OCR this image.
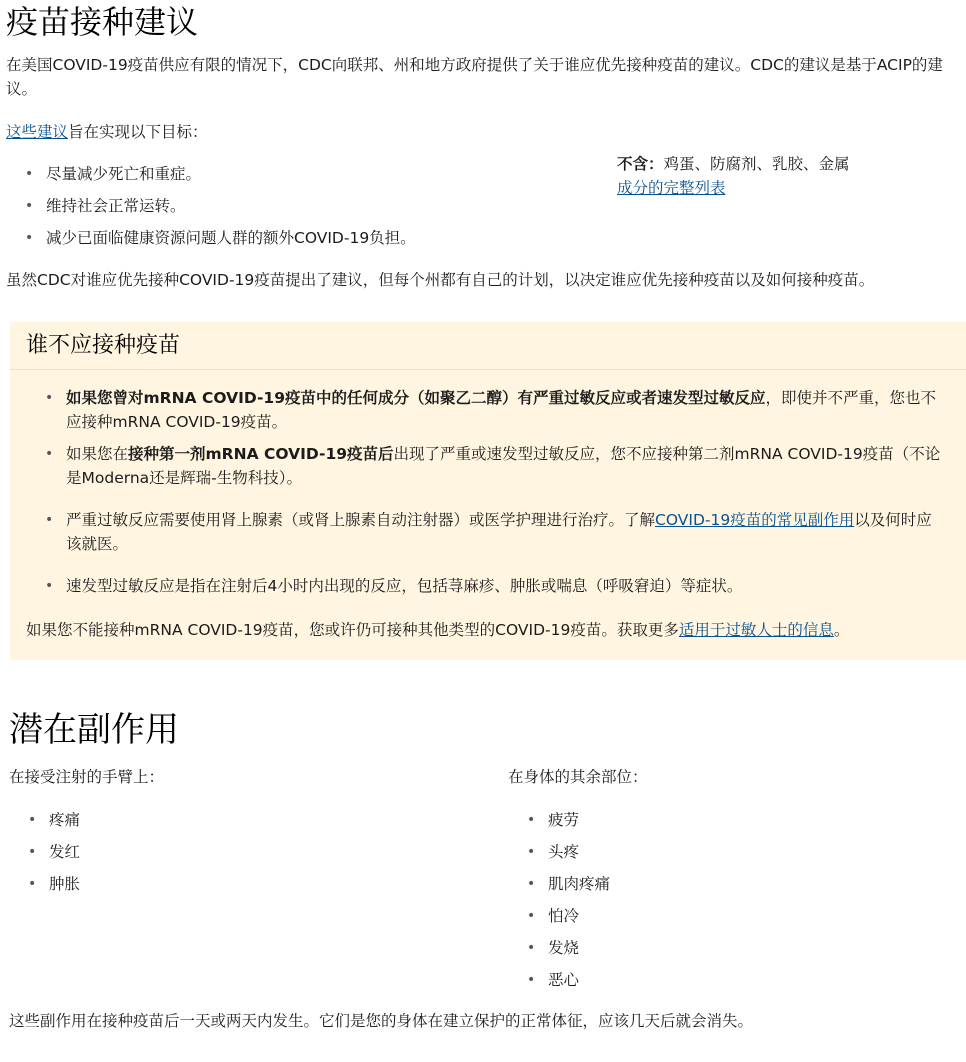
疫苗接种建议

在美国COVID-19疫苗供应有限的情况下，CDC向联邦、州和地方政府提供了关于谁应优先接种疫苗的建议。CDC的建议是基于ACIP的建议。

这些建议旨在实现以下目标：

• 尽量减少死亡和重症。
• 维持社会正常运转。
• 减少已面临健康资源问题人群的额外COVID-19负担。
不含：鸡蛋、防腐剂、乳胶、金属
成分的完整列表

虽然CDC对谁应优先接种COVID-19疫苗提出了建议，但每个州都有自己的计划，以决定谁应优先接种疫苗以及如何接种疫苗。

谁不应接种疫苗
• 如果您曾对mRNA COVID-19疫苗中的任何成分（如聚乙二醇）有严重过敏反应或者速发型过敏反应，即使并不严重，您也不应接种mRNA COVID-19疫苗。
• 如果您在接种第一剂mRNA COVID-19疫苗后出现了严重或速发型过敏反应，您不应接种第二剂mRNA COVID-19疫苗（不论是Moderna还是辉瑞-生物科技）。
• 严重过敏反应需要使用肾上腺素（或肾上腺素自动注射器）或医学护理进行治疗。了解COVID-19疫苗的常见副作用以及何时应该就医。
• 速发型过敏反应是指在注射后4小时内出现的反应，包括荨麻疹、肿胀或喘息（呼吸窘迫）等症状。

如果您不能接种mRNA COVID-19疫苗，您或许仍可接种其他类型的COVID-19疫苗。获取更多适用于过敏人士的信息。

潜在副作用

在接受注射的手臂上：

• 疼痛
• 发红
• 肿胀

在身体的其余部位：

• 疲劳
• 头疼
• 肌肉疼痛
• 怕冷
• 发烧
• 恶心

这些副作用在接种疫苗后一天或两天内发生。它们是您的身体在建立保护的正常体征，应该几天后就会消失。
